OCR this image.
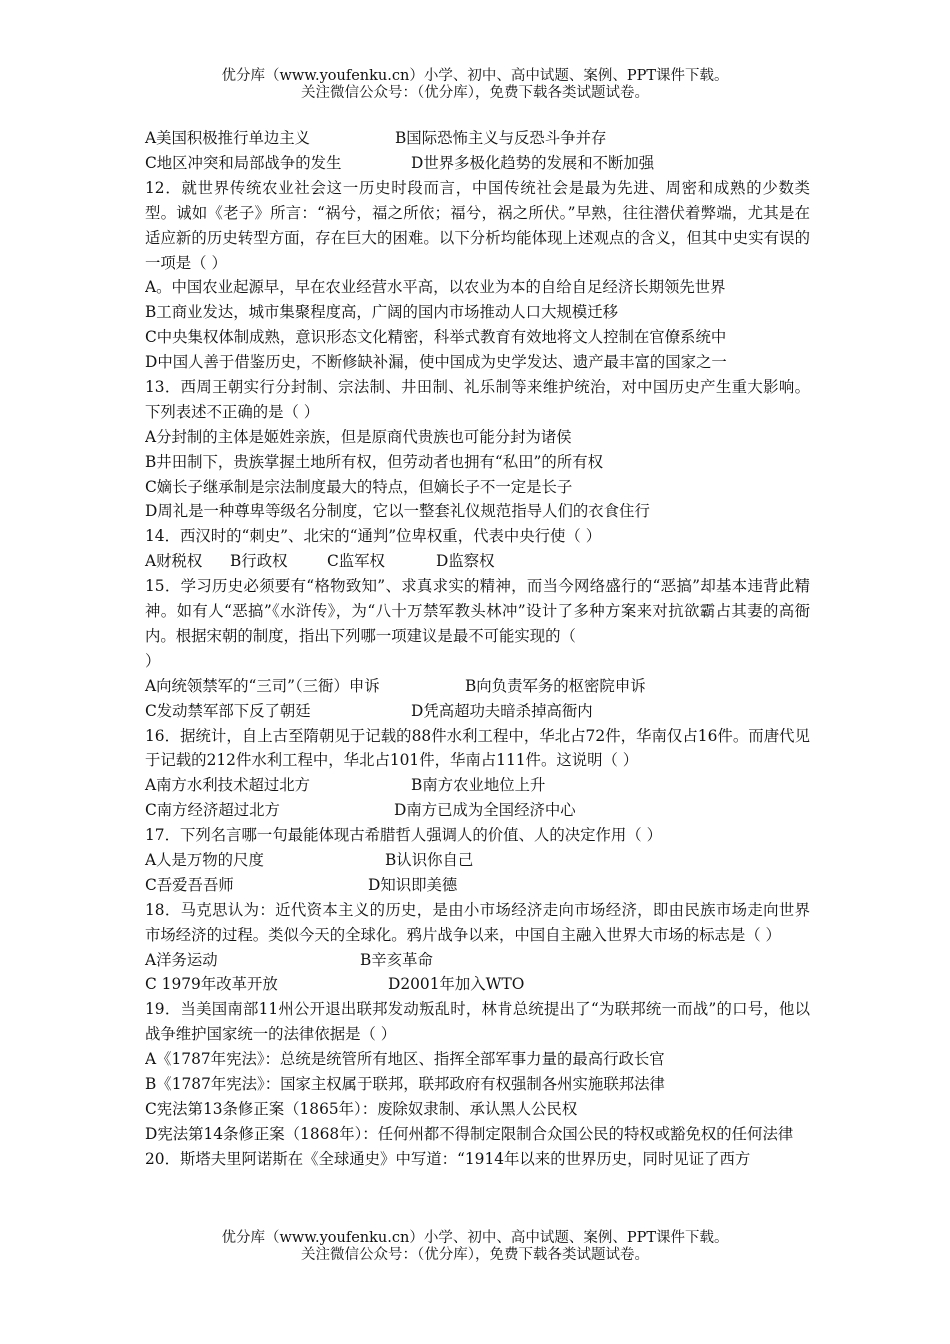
优分库（www.youfenku.cn）小学、初中、高中试题、案例、PPT课件下载。
关注微信公众号：（优分库），免费下载各类试题试卷。
A美国积极推行单边主义	B国际恐怖主义与反恐斗争并存
C地区冲突和局部战争的发生	D世界多极化趋势的发展和不断加强
12．就世界传统农业社会这一历史时段而言，中国传统社会是最为先进、周密和成熟的少数类型。诚如《老子》所言：“祸兮，福之所依；福兮，祸之所伏。”早熟，往往潜伏着弊端，尤其是在适应新的历史转型方面，存在巨大的困难。以下分析均能体现上述观点的含义，但其中史实有误的一项是（ ）
A。中国农业起源早，早在农业经营水平高，以农业为本的自给自足经济长期领先世界
B工商业发达，城市集聚程度高，广阔的国内市场推动人口大规模迁移
C中央集权体制成熟，意识形态文化精密，科举式教育有效地将文人控制在官僚系统中
D中国人善于借鉴历史，不断修缺补漏，使中国成为史学发达、遗产最丰富的国家之一
13．西周王朝实行分封制、宗法制、井田制、礼乐制等来维护统治，对中国历史产生重大影响。下列表述不正确的是（ ）
A分封制的主体是姬姓亲族，但是原商代贵族也可能分封为诸侯
B井田制下，贵族掌握土地所有权，但劳动者也拥有“私田”的所有权
C嫡长子继承制是宗法制度最大的特点，但嫡长子不一定是长子
D周礼是一种尊卑等级名分制度，它以一整套礼仪规范指导人们的衣食住行
14．西汉时的“刺史”、北宋的“通判”位卑权重，代表中央行使（ ）
A财税权	B行政权	C监军权	D监察权
15．学习历史必须要有“格物致知”、求真求实的精神，而当今网络盛行的“恶搞”却基本违背此精神。如有人“恶搞”《水浒传》，为“八十万禁军教头林冲”设计了多种方案来对抗欲霸占其妻的高衙内。根据宋朝的制度，指出下列哪一项建议是最不可能实现的（
）
A向统领禁军的“三司”（三衙）申诉	B向负责军务的枢密院申诉
C发动禁军部下反了朝廷	D凭高超功夫暗杀掉高衙内
16．据统计，自上古至隋朝见于记载的88件水利工程中，华北占72件，华南仅占16件。而唐代见于记载的212件水利工程中，华北占101件，华南占111件。这说明（ ）
A南方水利技术超过北方	B南方农业地位上升
C南方经济超过北方	D南方已成为全国经济中心
17．下列名言哪一句最能体现古希腊哲人强调人的价值、人的决定作用（ ）
A人是万物的尺度	B认识你自己
C吾爱吾吾师	D知识即美德
18．马克思认为：近代资本主义的历史，是由小市场经济走向市场经济，即由民族市场走向世界市场经济的过程。类似今天的全球化。鸦片战争以来，中国自主融入世界大市场的标志是（ ）
A洋务运动	B辛亥革命
C 1979年改革开放	D2001年加入WTO
19．当美国南部11州公开退出联邦发动叛乱时，林肯总统提出了“为联邦统一而战”的口号，他以战争维护国家统一的法律依据是（ ）
A《1787年宪法》：总统是统管所有地区、指挥全部军事力量的最高行政长官
B《1787年宪法》：国家主权属于联邦，联邦政府有权强制各州实施联邦法律
C宪法第13条修正案（1865年）：废除奴隶制、承认黑人公民权
D宪法第14条修正案（1868年）：任何州都不得制定限制合众国公民的特权或豁免权的任何法律
20．斯塔夫里阿诺斯在《全球通史》中写道：“1914年以来的世界历史，同时见证了西方
优分库（www.youfenku.cn）小学、初中、高中试题、案例、PPT课件下载。
关注微信公众号：（优分库），免费下载各类试题试卷。
